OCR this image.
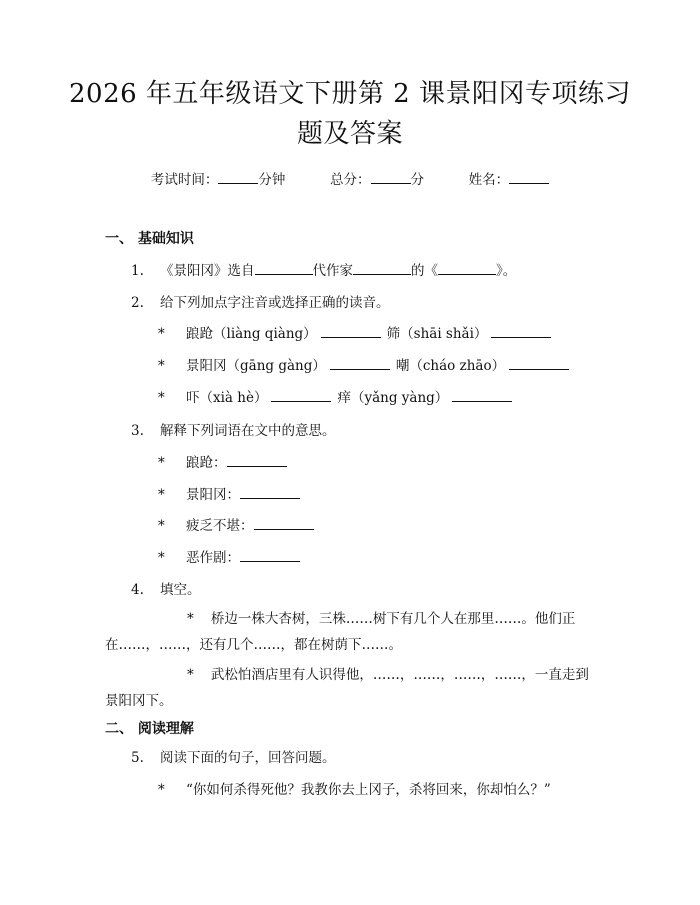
2026 年五年级语文下册第 2 课景阳冈专项练习题及答案
考试时间：	分钟	总分：	分	姓名：
一、 基础知识
1. 《景阳冈》选自	代作家	的《	》。
2. 给下列加点字注音或选择正确的读音。
* 踉跄（liàng qiàng）	筛（shāi shǎi）
* 景阳冈（gāng gàng）	嘲（cháo zhāo）
* 吓（xià hè）	痒（yǎng yàng）
3. 解释下列词语在文中的意思。
* 踉跄：
* 景阳冈：
* 疲乏不堪：
* 恶作剧：
4. 填空。
* 桥边一株大杏树，三株……树下有几个人在那里……。他们正在……，……，还有几个……，都在树荫下……。
* 武松怕酒店里有人识得他，……，……，……，……，一直走到景阳冈下。
二、 阅读理解
5. 阅读下面的句子，回答问题。
* “你如何杀得死他？我教你去上冈子，杀将回来，你却怕么？”
